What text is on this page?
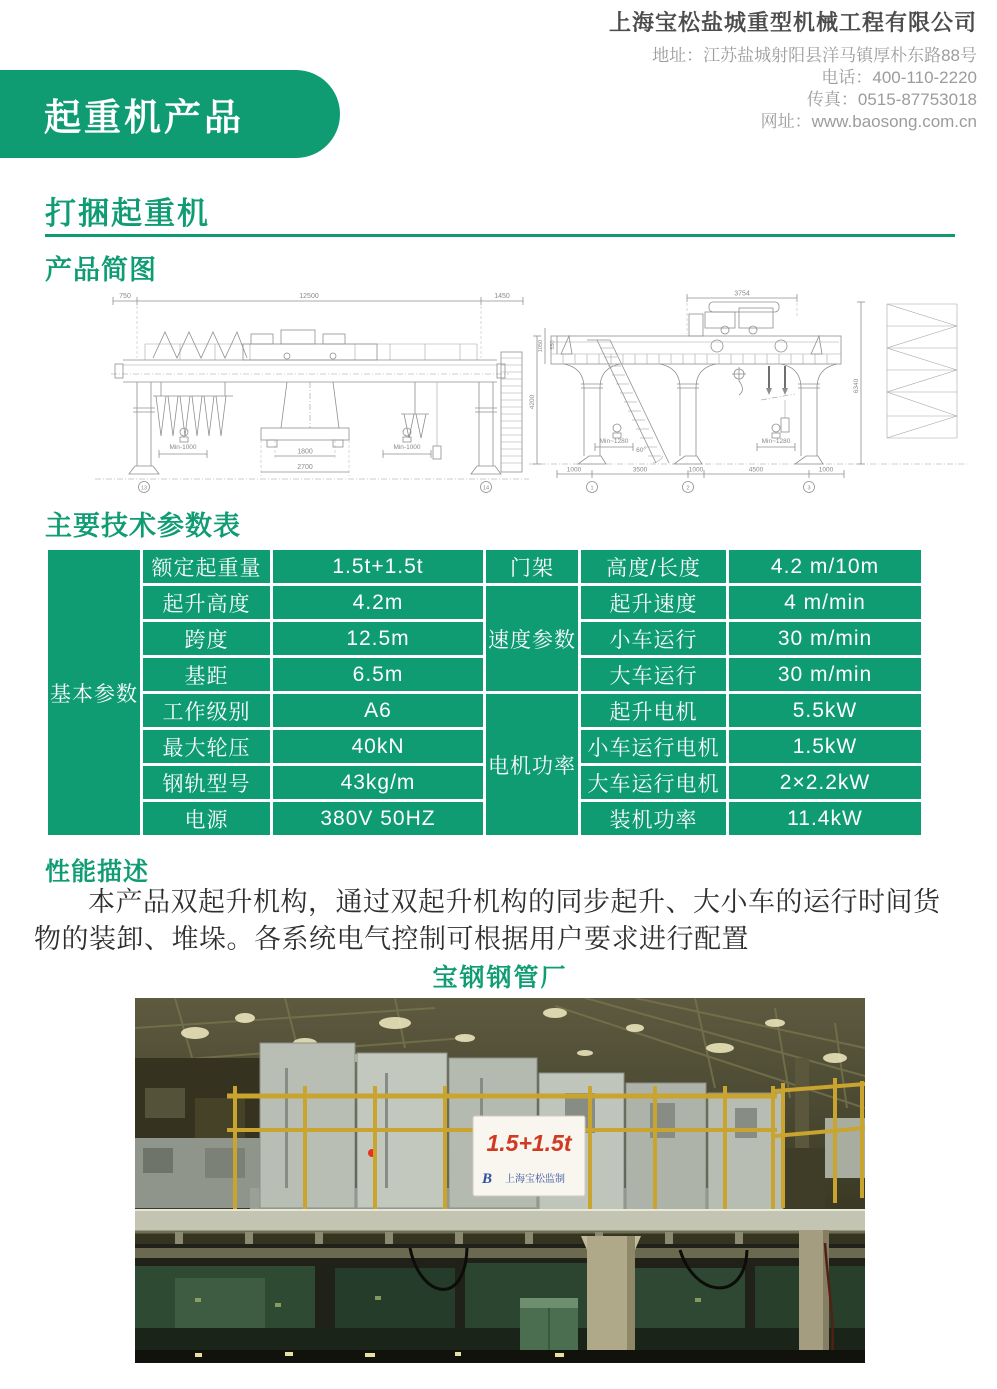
上海宝松盐城重型机械工程有限公司
地址：江苏盐城射阳县洋马镇厚朴东路88号
电话：400-110-2220
传真：0515-87753018
网址：www.baosong.com.cn
起重机产品
打捆起重机
产品简图
750	12500	1450
1800
2700
Min-1000	Min-1000
13	14
3754
60°
6340
4200
1050 550
Min~1280	Min~1280
1000	3500	1000	4500	1000
1	2	3
主要技术参数表
基本参数	额定起重量	1.5t+1.5t	门架	高度/长度	4.2 m/10m
	起升高度	4.2m	速度参数	起升速度	4 m/min
	跨度	12.5m		小车运行	30 m/min
	基距	6.5m		大车运行	30 m/min
	工作级别	A6	电机功率	起升电机	5.5kW
	最大轮压	40kN		小车运行电机	1.5kW
	钢轨型号	43kg/m		大车运行电机	2×2.2kW
	电源	380V 50HZ		装机功率	11.4kW
性能描述
本产品双起升机构，通过双起升机构的同步起升、大小车的运行时间货物的装卸、堆垛。各系统电气控制可根据用户要求进行配置
宝钢钢管厂
1.5+1.5t
B 上海宝松监制
